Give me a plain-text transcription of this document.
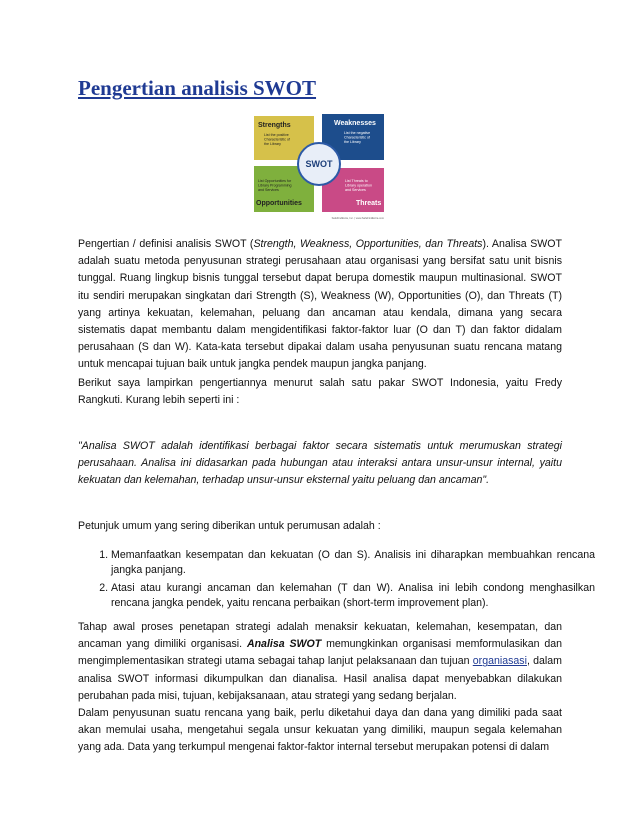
Pengertian analisis SWOT
Strengths
List the positive
Characteristic of
the Library
Weaknesses
List the negative
Characteristic of
the Library
List Opportunities for
Library Programming
and Services
Opportunities
List Threats to
Library operation
and Services
Threats
SWOT
SafeFindExtra, Inc. | www.SafeFindExtra.com

Pengertian / definisi analisis SWOT (Strength, Weakness, Opportunities, dan Threats). Analisa SWOT adalah suatu metoda penyusunan strategi perusahaan atau organisasi yang bersifat satu unit bisnis tunggal. Ruang lingkup bisnis tunggal tersebut dapat berupa domestik maupun multinasional. SWOT itu sendiri merupakan singkatan dari Strength (S), Weakness (W), Opportunities (O), dan Threats (T) yang artinya kekuatan, kelemahan, peluang dan ancaman atau kendala, dimana yang secara sistematis dapat membantu dalam mengidentifikasi faktor-faktor luar (O dan T) dan faktor didalam perusahaan (S dan W). Kata-kata tersebut dipakai dalam usaha penyusunan suatu rencana matang untuk mencapai tujuan baik untuk jangka pendek maupun jangka panjang.

Berikut saya lampirkan pengertiannya menurut salah satu pakar SWOT Indonesia, yaitu Fredy Rangkuti. Kurang lebih seperti ini :

"Analisa SWOT adalah identifikasi berbagai faktor secara sistematis untuk merumuskan strategi perusahaan. Analisa ini didasarkan pada hubungan atau interaksi antara unsur-unsur internal, yaitu kekuatan dan kelemahan, terhadap unsur-unsur eksternal yaitu peluang dan ancaman".

Petunjuk umum yang sering diberikan untuk perumusan adalah :

1. Memanfaatkan kesempatan dan kekuatan (O dan S). Analisis ini diharapkan membuahkan rencana jangka panjang.
2. Atasi atau kurangi ancaman dan kelemahan (T dan W). Analisa ini lebih condong menghasilkan rencana jangka pendek, yaitu rencana perbaikan (short-term improvement plan).

Tahap awal proses penetapan strategi adalah menaksir kekuatan, kelemahan, kesempatan, dan ancaman yang dimiliki organisasi. Analisa SWOT memungkinkan organisasi memformulasikan dan mengimplementasikan strategi utama sebagai tahap lanjut pelaksanaan dan tujuan organiasasi, dalam analisa SWOT informasi dikumpulkan dan dianalisa. Hasil analisa dapat menyebabkan dilakukan perubahan pada misi, tujuan, kebijaksanaan, atau strategi yang sedang berjalan.

Dalam penyusunan suatu rencana yang baik, perlu diketahui daya dan dana yang dimiliki pada saat akan memulai usaha, mengetahui segala unsur kekuatan yang dimiliki, maupun segala kelemahan yang ada. Data yang terkumpul mengenai faktor-faktor internal tersebut merupakan potensi di dalam
